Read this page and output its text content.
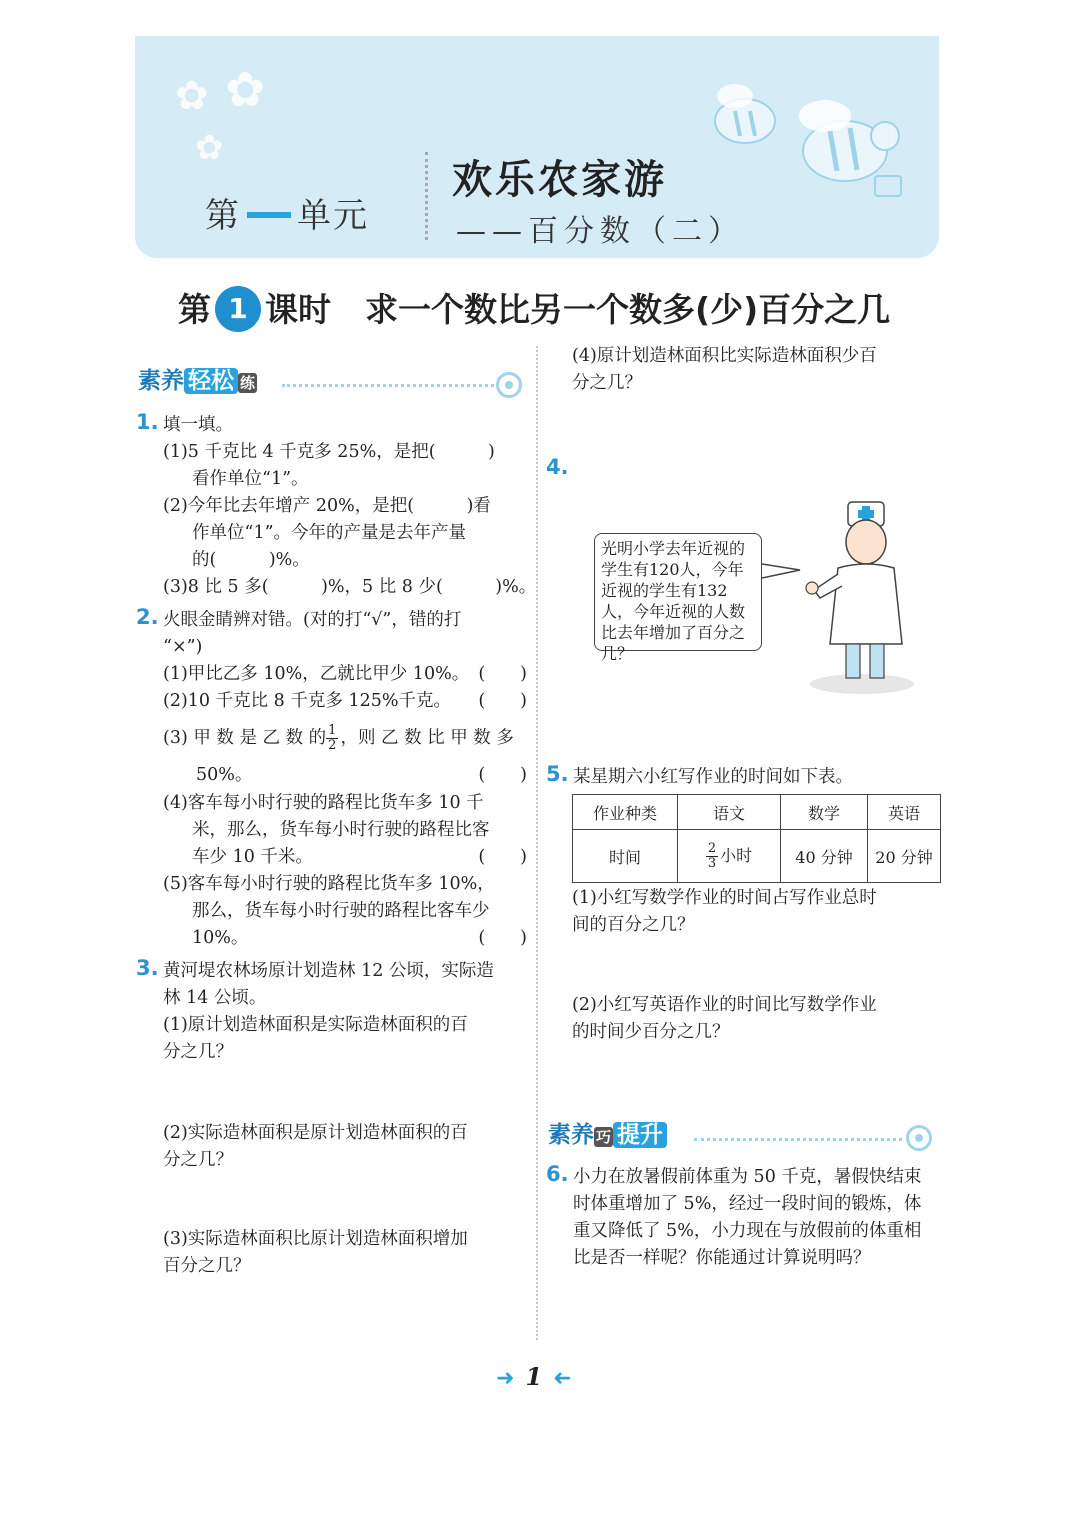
✿ ✿
✿
第 单元
欢乐农家游
——百分数（二）
第 1 课时 求一个数比另一个数多(少)百分之几
素养 轻松 练
1. 填一填。
(1)5 千克比 4 千克多 25%，是把(　　　)
看作单位“1”。
(2)今年比去年增产 20%，是把(　　　)看
作单位“1”。今年的产量是去年产量
的(　　　)%。
(3)8 比 5 多(　　　)%，5 比 8 少(　　　)%。
2. 火眼金睛辨对错。(对的打“√”，错的打
“×”)
(1)甲比乙多 10%，乙就比甲少 10%。 (　　)
(2)10 千克比 8 千克多 125%千克。 (　　)
(3) 甲 数 是 乙 数 的 $\frac{1}{2}$ ，则 乙 数 比 甲 数 多
50%。	(　　)
(4)客车每小时行驶的路程比货车多 10 千
米，那么，货车每小时行驶的路程比客
车少 10 千米。	(　　)
(5)客车每小时行驶的路程比货车多 10%，
那么，货车每小时行驶的路程比客车少
10%。	(　　)
3. 黄河堤农林场原计划造林 12 公顷，实际造
林 14 公顷。
(1)原计划造林面积是实际造林面积的百
分之几？
(2)实际造林面积是原计划造林面积的百
分之几？
(3)实际造林面积比原计划造林面积增加
百分之几？
(4)原计划造林面积比实际造林面积少百
分之几？
4.
光明小学去年近视的学生有120人，今年近视的学生有132人，今年近视的人数比去年增加了百分之几？
5. 某星期六小红写作业的时间如下表。
作业种类	语文	数学	英语
时间	$\frac{2}{3}$ 小时	40 分钟	20 分钟
(1)小红写数学作业的时间占写作业总时
间的百分之几？
(2)小红写英语作业的时间比写数学作业
的时间少百分之几？
素养 巧 提升
6. 小力在放暑假前体重为 50 千克，暑假快结束
时体重增加了 5%，经过一段时间的锻炼，体
重又降低了 5%，小力现在与放假前的体重相
比是否一样呢？你能通过计算说明吗？
➜ 1 ➜
